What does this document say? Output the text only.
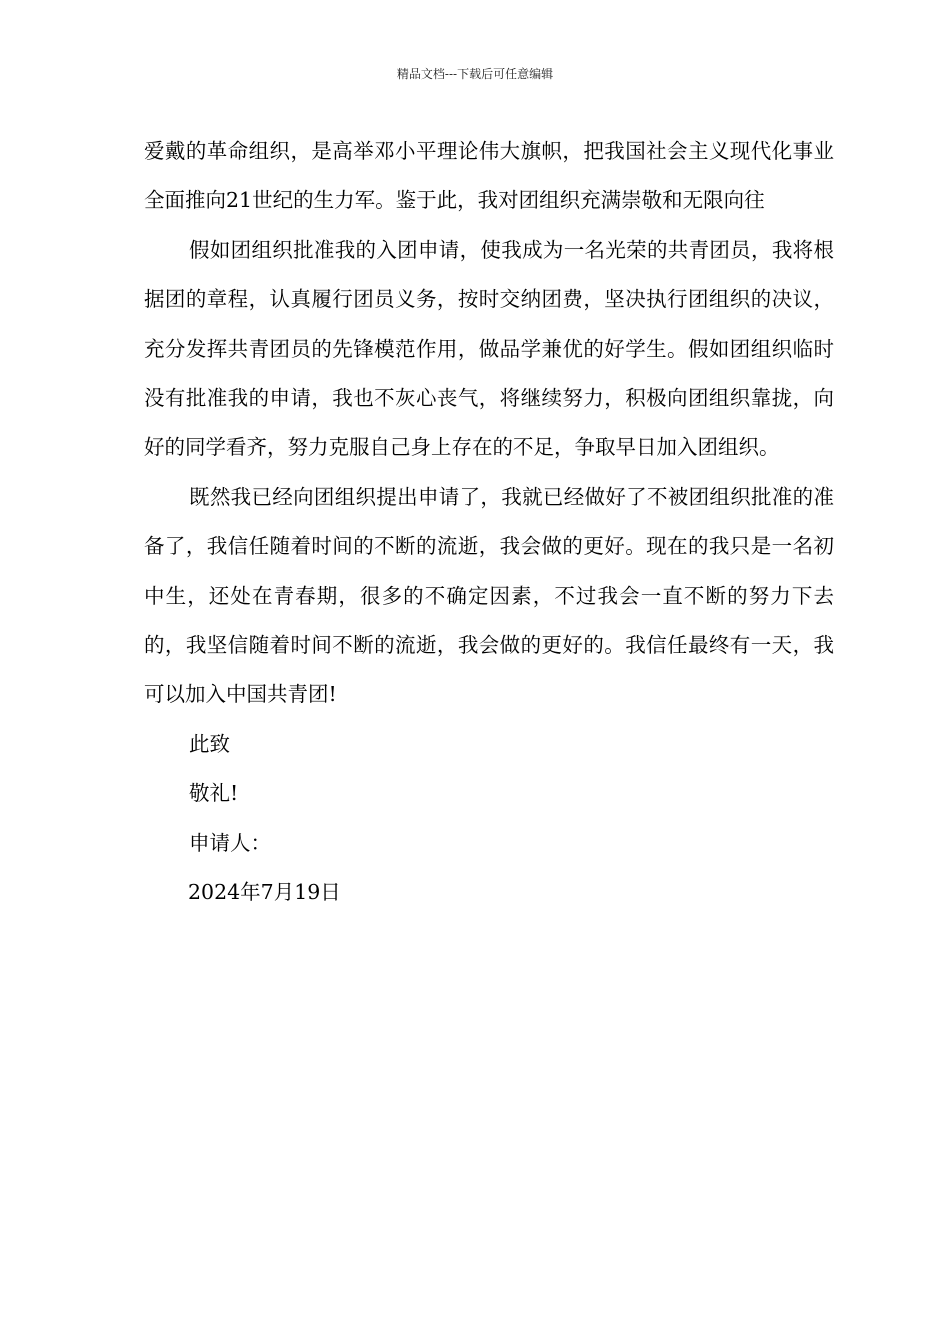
精品文档---下载后可任意编辑

爱戴的革命组织，是高举邓小平理论伟大旗帜，把我国社会主义现代化事业全面推向21世纪的生力军。鉴于此，我对团组织充满崇敬和无限向往

假如团组织批准我的入团申请，使我成为一名光荣的共青团员，我将根据团的章程，认真履行团员义务，按时交纳团费，坚决执行团组织的决议，充分发挥共青团员的先锋模范作用，做品学兼优的好学生。假如团组织临时没有批准我的申请，我也不灰心丧气，将继续努力，积极向团组织靠拢，向好的同学看齐，努力克服自己身上存在的不足，争取早日加入团组织。

既然我已经向团组织提出申请了，我就已经做好了不被团组织批准的准备了，我信任随着时间的不断的流逝，我会做的更好。现在的我只是一名初中生，还处在青春期，很多的不确定因素，不过我会一直不断的努力下去的，我坚信随着时间不断的流逝，我会做的更好的。我信任最终有一天，我可以加入中国共青团!

此致

敬礼!

申请人：

2024年7月19日
